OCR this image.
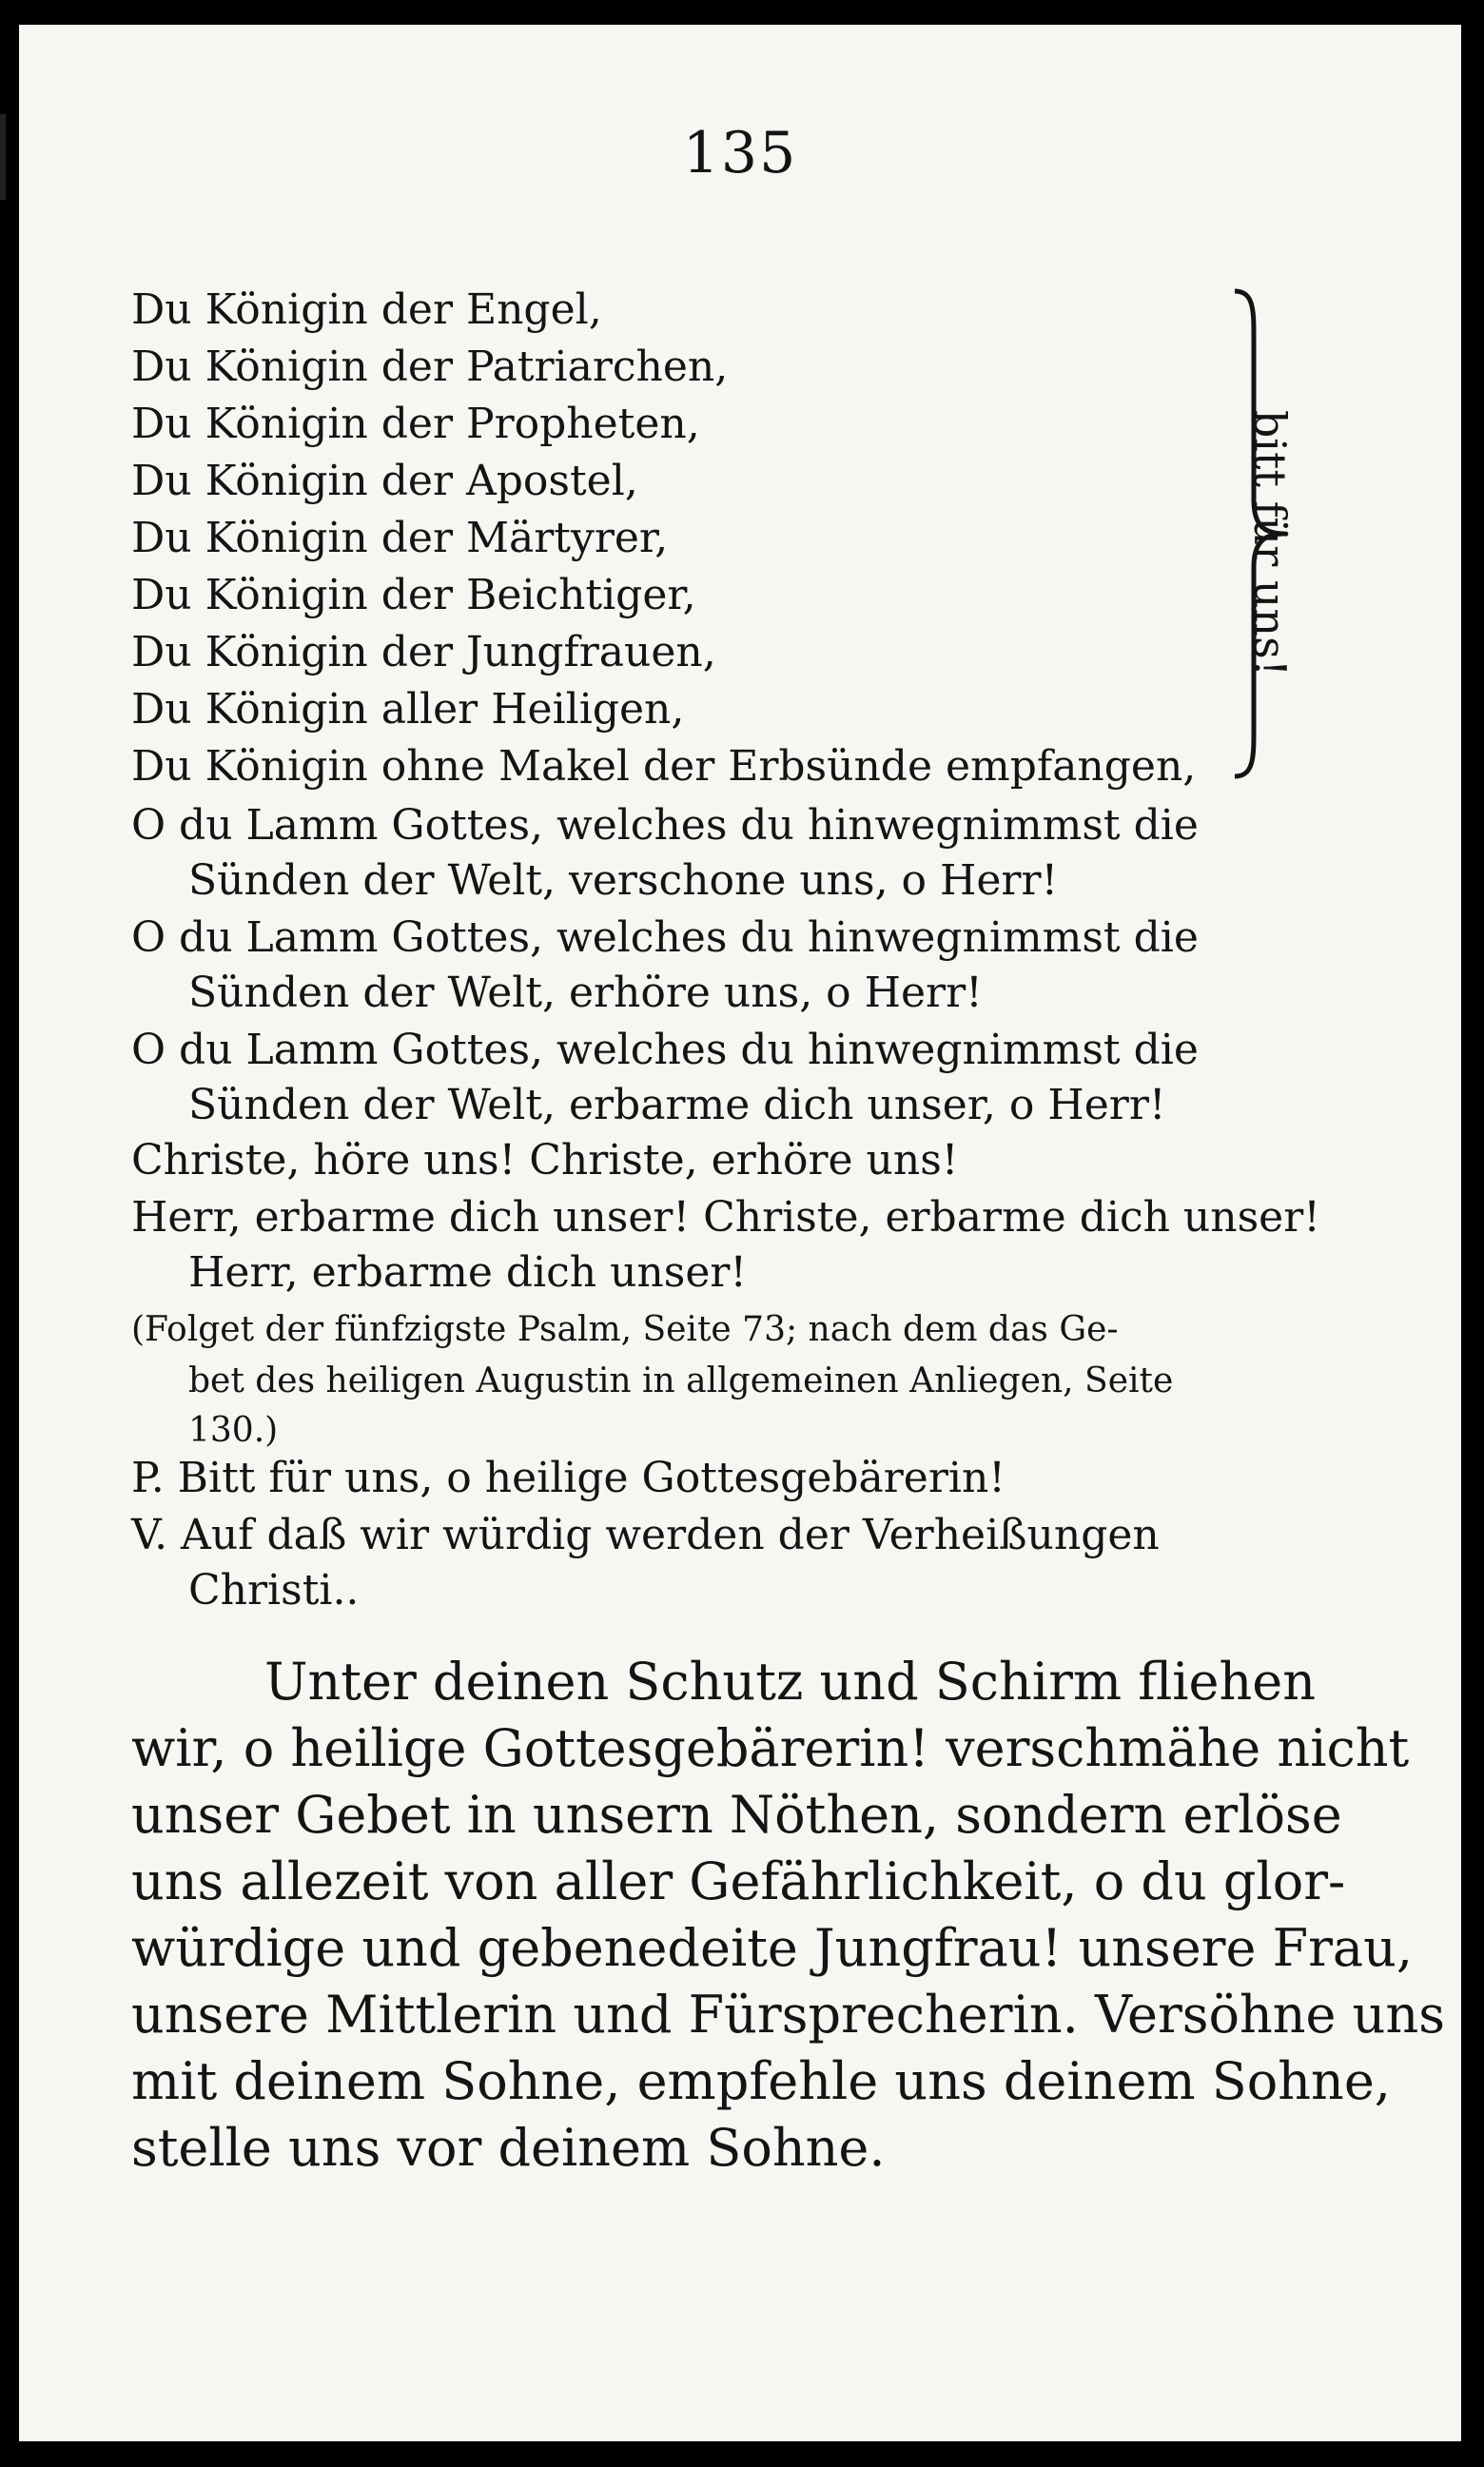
135
Du Königin der Engel,
Du Königin der Patriarchen,
Du Königin der Propheten,
Du Königin der Apostel,
Du Königin der Märtyrer,
Du Königin der Beichtiger,
Du Königin der Jungfrauen,
Du Königin aller Heiligen,
Du Königin ohne Makel der Erbsünde empfangen,
bitt für uns!
O du Lamm Gottes, welches du hinwegnimmst die
Sünden der Welt, verschone uns, o Herr!
O du Lamm Gottes, welches du hinwegnimmst die
Sünden der Welt, erhöre uns, o Herr!
O du Lamm Gottes, welches du hinwegnimmst die
Sünden der Welt, erbarme dich unser, o Herr!
Christe, höre uns! Christe, erhöre uns!
Herr, erbarme dich unser! Christe, erbarme dich unser!
Herr, erbarme dich unser!
(Folget der fünfzigste Psalm, Seite 73; nach dem das Ge-
bet des heiligen Augustin in allgemeinen Anliegen, Seite
130.)
P. Bitt für uns, o heilige Gottesgebärerin!
V. Auf daß wir würdig werden der Verheißungen
Christi..
Unter deinen Schutz und Schirm fliehen
wir, o heilige Gottesgebärerin! verschmähe nicht
unser Gebet in unsern Nöthen, sondern erlöse
uns allezeit von aller Gefährlichkeit, o du glor-
würdige und gebenedeite Jungfrau! unsere Frau,
unsere Mittlerin und Fürsprecherin. Versöhne uns
mit deinem Sohne, empfehle uns deinem Sohne,
stelle uns vor deinem Sohne.
